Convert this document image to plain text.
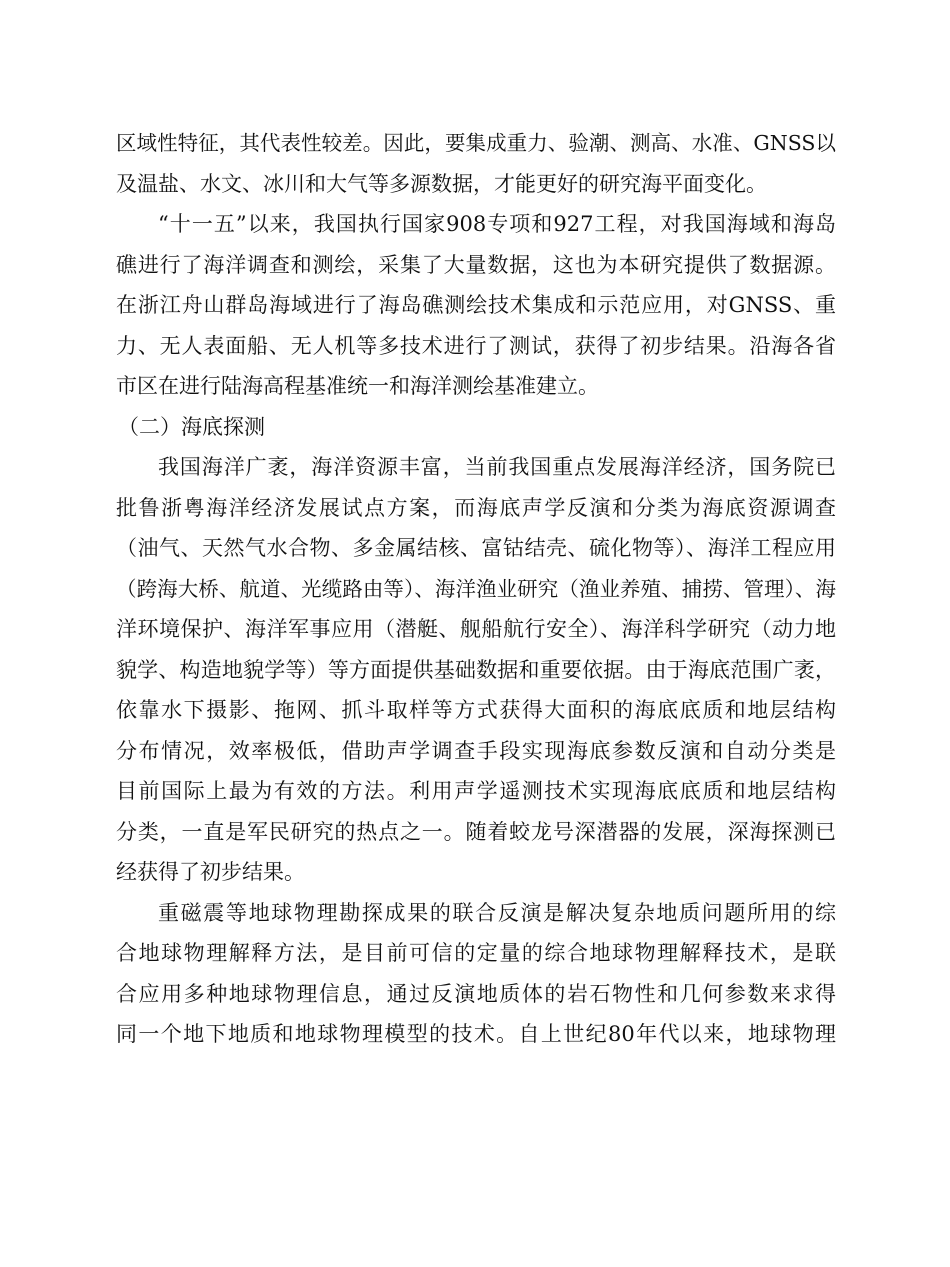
区域性特征，其代表性较差。因此，要集成重力、验潮、测高、水准、GNSS以
及温盐、水文、冰川和大气等多源数据，才能更好的研究海平面变化。
“十一五”以来，我国执行国家908专项和927工程，对我国海域和海岛
礁进行了海洋调查和测绘，采集了大量数据，这也为本研究提供了数据源。
在浙江舟山群岛海域进行了海岛礁测绘技术集成和示范应用，对GNSS、重
力、无人表面船、无人机等多技术进行了测试，获得了初步结果。沿海各省
市区在进行陆海高程基准统一和海洋测绘基准建立。
（二）海底探测
我国海洋广袤，海洋资源丰富，当前我国重点发展海洋经济，国务院已
批鲁浙粤海洋经济发展试点方案，而海底声学反演和分类为海底资源调查
（油气、天然气水合物、多金属结核、富钴结壳、硫化物等）、海洋工程应用
（跨海大桥、航道、光缆路由等）、海洋渔业研究（渔业养殖、捕捞、管理）、海
洋环境保护、海洋军事应用（潜艇、舰船航行安全）、海洋科学研究（动力地
貌学、构造地貌学等）等方面提供基础数据和重要依据。由于海底范围广袤，
依靠水下摄影、拖网、抓斗取样等方式获得大面积的海底底质和地层结构
分布情况，效率极低，借助声学调查手段实现海底参数反演和自动分类是
目前国际上最为有效的方法。利用声学遥测技术实现海底底质和地层结构
分类，一直是军民研究的热点之一。随着蛟龙号深潜器的发展，深海探测已
经获得了初步结果。
重磁震等地球物理勘探成果的联合反演是解决复杂地质问题所用的综
合地球物理解释方法，是目前可信的定量的综合地球物理解释技术，是联
合应用多种地球物理信息，通过反演地质体的岩石物性和几何参数来求得
同一个地下地质和地球物理模型的技术。自上世纪80年代以来，地球物理
